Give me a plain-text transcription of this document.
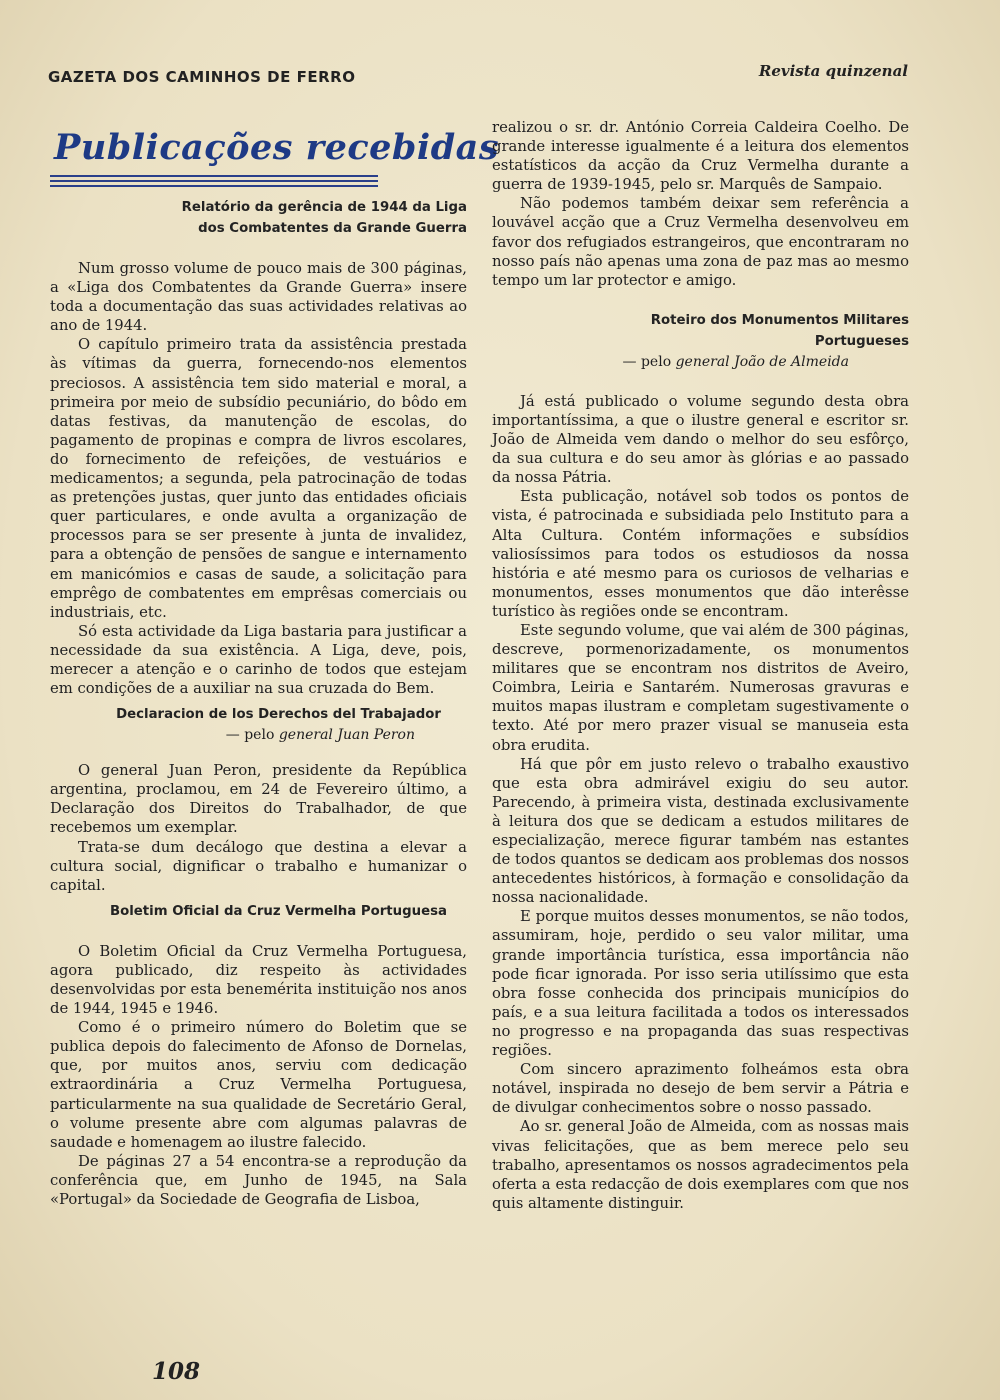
GAZETA DOS CAMINHOS DE FERRO	Revista quinzenal
Publicações recebidas
Relatório da gerência de 1944 da Liga
dos Combatentes da Grande Guerra

Num grosso volume de pouco mais de 300 páginas, a «Liga dos Combatentes da Grande Guerra» insere toda a documentação das suas actividades relativas ao ano de 1944.

O capítulo primeiro trata da assistência prestada às vítimas da guerra, fornecendo-nos elementos preciosos. A assistência tem sido material e moral, a primeira por meio de subsídio pecuniário, do bôdo em datas festivas, da manutenção de escolas, do pagamento de propinas e compra de livros escolares, do fornecimento de refeições, de vestuários e medicamentos; a segunda, pela patrocinação de todas as pretenções justas, quer junto das entidades oficiais quer particulares, e onde avulta a organização de processos para se ser presente à junta de invalidez, para a obtenção de pensões de sangue e internamento em manicómios e casas de saude, a solicitação para emprêgo de combatentes em emprêsas comerciais ou industriais, etc.

Só esta actividade da Liga bastaria para justificar a necessidade da sua existência. A Liga, deve, pois, merecer a atenção e o carinho de todos que estejam em condições de a auxiliar na sua cruzada do Bem.

Declaracion de los Derechos del Trabajador
— pelo general Juan Peron

O general Juan Peron, presidente da República argentina, proclamou, em 24 de Fevereiro último, a Declaração dos Direitos do Trabalhador, de que recebemos um exemplar.

Trata-se dum decálogo que destina a elevar a cultura social, dignificar o trabalho e humanizar o capital.

Boletim Oficial da Cruz Vermelha Portuguesa

O Boletim Oficial da Cruz Vermelha Portuguesa, agora publicado, diz respeito às actividades desenvolvidas por esta benemérita instituição nos anos de 1944, 1945 e 1946.

Como é o primeiro número do Boletim que se publica depois do falecimento de Afonso de Dornelas, que, por muitos anos, serviu com dedicação extraordinária a Cruz Vermelha Portuguesa, particularmente na sua qualidade de Secretário Geral, o volume presente abre com algumas palavras de saudade e homenagem ao ilustre falecido.

De páginas 27 a 54 encontra-se a reprodução da conferência que, em Junho de 1945, na Sala «Portugal» da Sociedade de Geografia de Lisboa,

realizou o sr. dr. António Correia Caldeira Coelho. De grande interesse igualmente é a leitura dos elementos estatísticos da acção da Cruz Vermelha durante a guerra de 1939-1945, pelo sr. Marquês de Sampaio.

Não podemos também deixar sem referência a louvável acção que a Cruz Vermelha desenvolveu em favor dos refugiados estrangeiros, que encontraram no nosso país não apenas uma zona de paz mas ao mesmo tempo um lar protector e amigo.

Roteiro dos Monumentos Militares Portugueses
— pelo general João de Almeida

Já está publicado o volume segundo desta obra importantíssima, a que o ilustre general e escritor sr. João de Almeida vem dando o melhor do seu esfôrço, da sua cultura e do seu amor às glórias e ao passado da nossa Pátria.

Esta publicação, notável sob todos os pontos de vista, é patrocinada e subsidiada pelo Instituto para a Alta Cultura. Contém informações e subsídios valiosíssimos para todos os estudiosos da nossa história e até mesmo para os curiosos de velharias e monumentos, esses monumentos que dão interêsse turístico às regiões onde se encontram.

Este segundo volume, que vai além de 300 páginas, descreve, pormenorizadamente, os monumentos militares que se encontram nos distritos de Aveiro, Coimbra, Leiria e Santarém. Numerosas gravuras e muitos mapas ilustram e completam sugestivamente o texto. Até por mero prazer visual se manuseia esta obra erudita.

Há que pôr em justo relevo o trabalho exaustivo que esta obra admirável exigiu do seu autor. Parecendo, à primeira vista, destinada exclusivamente à leitura dos que se dedicam a estudos militares de especialização, merece figurar também nas estantes de todos quantos se dedicam aos problemas dos nossos antecedentes históricos, à formação e consolidação da nossa nacionalidade.

E porque muitos desses monumentos, se não todos, assumiram, hoje, perdido o seu valor militar, uma grande importância turística, essa importância não pode ficar ignorada. Por isso seria utilíssimo que esta obra fosse conhecida dos principais municípios do país, e a sua leitura facilitada a todos os interessados no progresso e na propaganda das suas respectivas regiões.

Com sincero aprazimento folheámos esta obra notável, inspirada no desejo de bem servir a Pátria e de divulgar conhecimentos sobre o nosso passado.

Ao sr. general João de Almeida, com as nossas mais vivas felicitações, que as bem merece pelo seu trabalho, apresentamos os nossos agradecimentos pela oferta a esta redacção de dois exemplares com que nos quis altamente distinguir.

108
